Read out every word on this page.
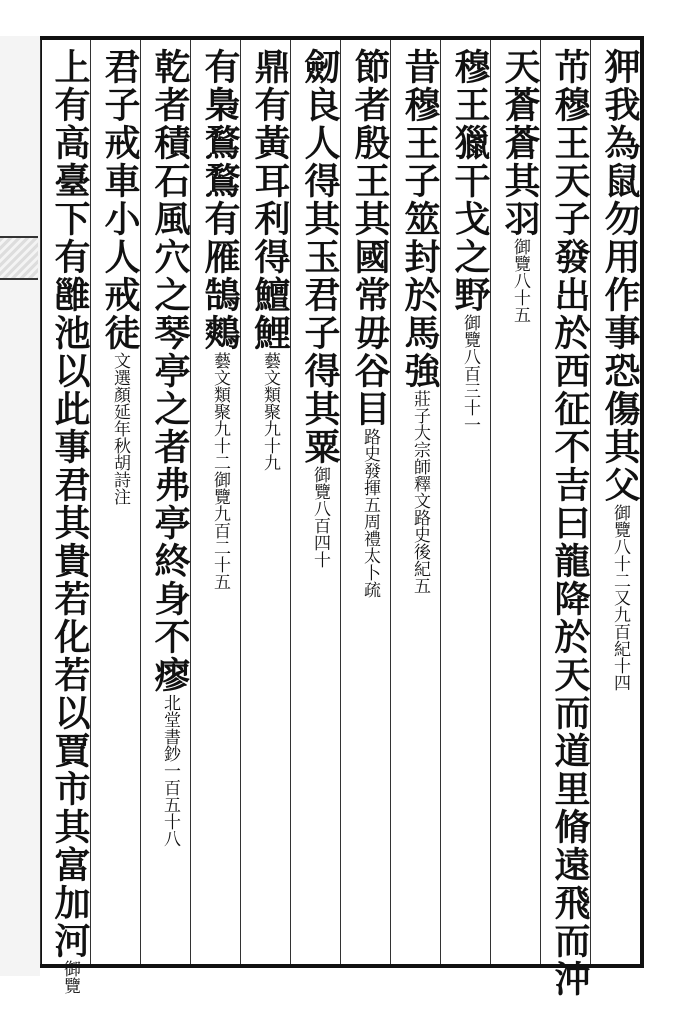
狎我為鼠勿用作事恐傷其父御覽八十二又九百紀十四
芇穆王天子發出於西征不吉曰龍降於天而道里脩遠飛而沖
天蒼蒼其羽御覽八十五
穆王獵干戈之野御覽八百三十一
昔穆王子筮封於馬強莊子大宗師釋文路史後紀五
節者殷王其國常毋谷目路史發揮五周禮太卜疏
劒良人得其玉君子得其粟御覽八百四十
鼎有黃耳利得鱣鯉藝文類聚九十九
有梟鶩鶩有雁鵠鷞藝文類聚九十二御覽九百二十五
乾者積石風穴之琴亭之者弗亭終身不瘳北堂書鈔一百五十八
君子戒車小人戒徒文選顏延年秋胡詩注
上有高臺下有雝池以此事君其貴若化若以賈市其富加河御覽
